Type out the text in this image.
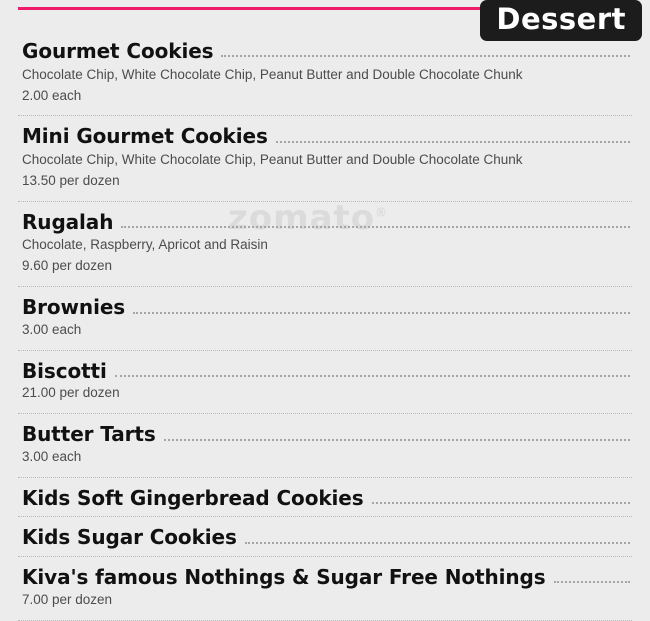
Dessert
zomato®
Gourmet Cookies
Chocolate Chip, White Chocolate Chip, Peanut Butter and Double Chocolate Chunk
2.00 each
Mini Gourmet Cookies
Chocolate Chip, White Chocolate Chip, Peanut Butter and Double Chocolate Chunk
13.50 per dozen
Rugalah
Chocolate, Raspberry, Apricot and Raisin
9.60 per dozen
Brownies
3.00 each
Biscotti
21.00 per dozen
Butter Tarts
3.00 each
Kids Soft Gingerbread Cookies
Kids Sugar Cookies
Kiva's famous Nothings & Sugar Free Nothings
7.00 per dozen
